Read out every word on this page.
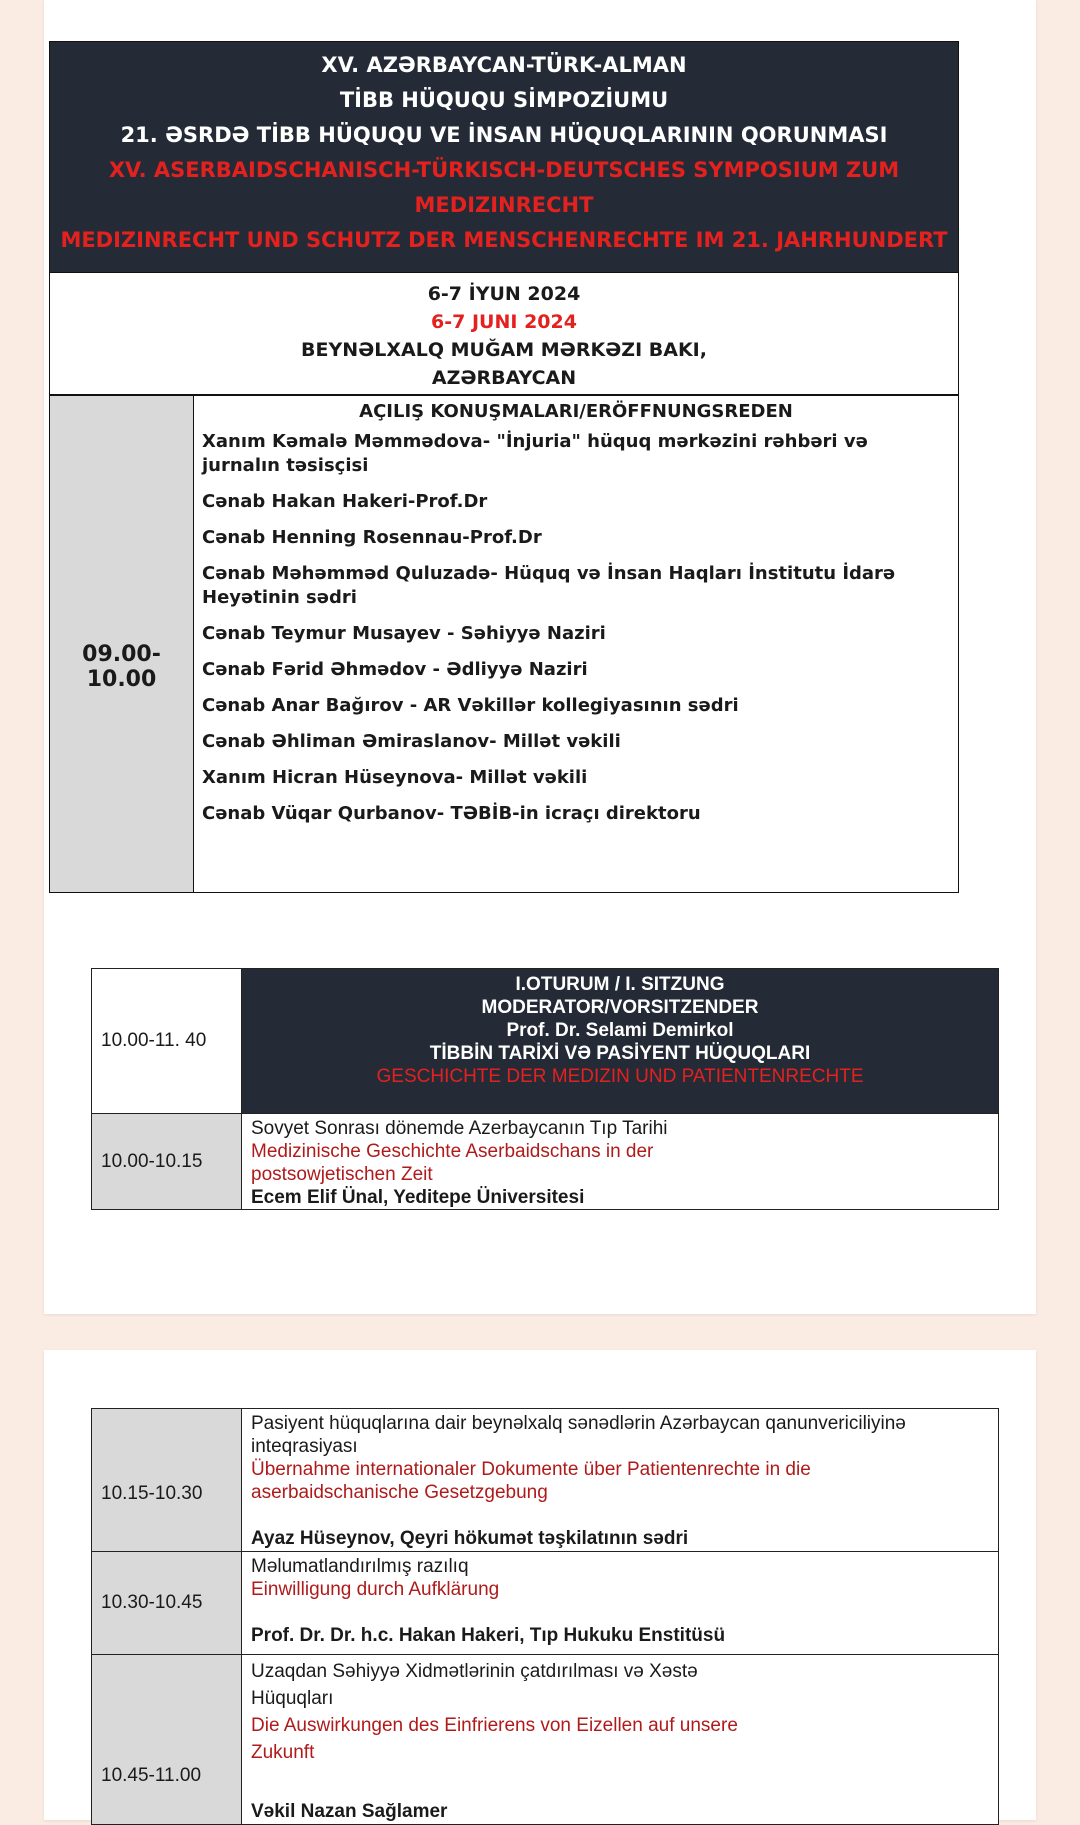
XV. AZƏRBAYCAN-TÜRK-ALMAN
TİBB HÜQUQU SİMPOZİUMU
21. ƏSRDƏ TİBB HÜQUQU VE İNSAN HÜQUQLARININ QORUNMASI
XV. ASERBAIDSCHANISCH-TÜRKISCH-DEUTSCHES SYMPOSIUM ZUM
MEDIZINRECHT
MEDIZINRECHT UND SCHUTZ DER MENSCHENRECHTE IM 21. JAHRHUNDERT
6-7 İYUN 2024
6-7 JUNI 2024
BEYNƏLXALQ MUĞAM MƏRKƏZI BAKI,
AZƏRBAYCAN
09.00-10.00
AÇILIŞ KONUŞMALARI/ERÖFFNUNGSREDEN
Xanım Kəmalə Məmmədova- "İnjuria" hüquq mərkəzini rəhbəri və jurnalın təsisçisi
Cənab Hakan Hakeri-Prof.Dr
Cənab Henning Rosennau-Prof.Dr
Cənab Məhəmməd Quluzadə- Hüquq və İnsan Haqları İnstitutu İdarə Heyətinin sədri
Cənab Teymur Musayev - Səhiyyə Naziri
Cənab Fərid Əhmədov - Ədliyyə Naziri
Cənab Anar Bağırov - AR Vəkillər kollegiyasının sədri
Cənab Əhliman Əmiraslanov- Millət vəkili
Xanım Hicran Hüseynova- Millət vəkili
Cənab Vüqar Qurbanov- TƏBİB-in icraçı direktoru
10.00-11. 40	I.OTURUM / I. SITZUNG
MODERATOR/VORSITZENDER
Prof. Dr. Selami Demirkol
TİBBİN TARİXİ VƏ PASİYENT HÜQUQLARI
GESCHICHTE DER MEDIZIN UND PATIENTENRECHTE

10.00-10.15	Sovyet Sonrası dönemde Azerbaycanın Tıp Tarihi
Medizinische Geschichte Aserbaidschans in der postsowjetischen Zeit
Ecem Elif Ünal, Yeditepe Üniversitesi
10.15-10.30	Pasiyent hüquqlarına dair beynəlxalq sənədlərin Azərbaycan qanunvericiliyinə inteqrasiyası
Übernahme internationaler Dokumente über Patientenrechte in die aserbaidschanische Gesetzgebung
Ayaz Hüseynov, Qeyri hökumət təşkilatının sədri

10.30-10.45	Məlumatlandırılmış razılıq
Einwilligung durch Aufklärung
Prof. Dr. Dr. h.c. Hakan Hakeri, Tıp Hukuku Enstitüsü

10.45-11.00	Uzaqdan Səhiyyə Xidmətlərinin çatdırılması və Xəstə Hüquqları
Die Auswirkungen des Einfrierens von Eizellen auf unsere Zukunft
Vəkil Nazan Sağlamer
